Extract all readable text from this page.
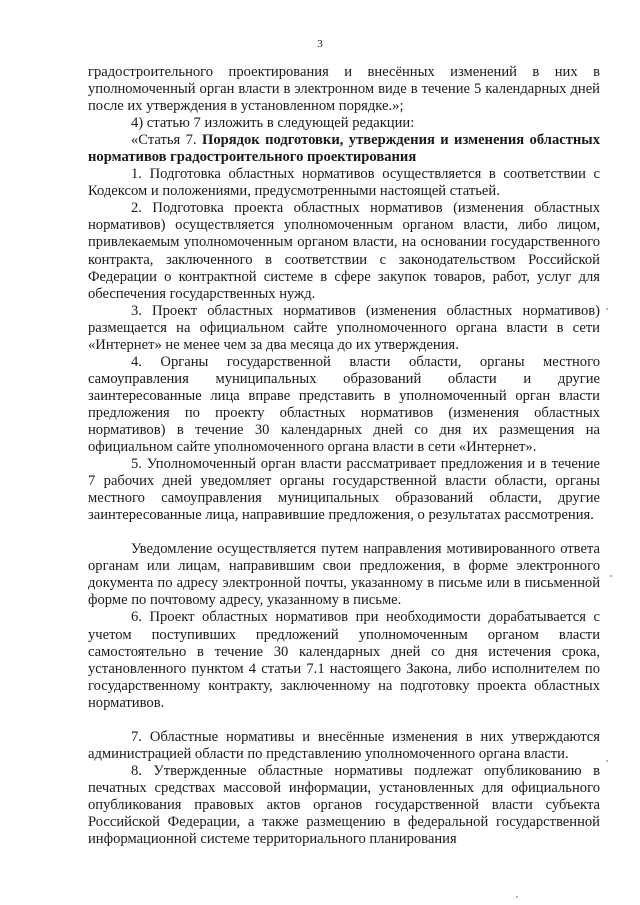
3

градостроительного проектирования и внесённых изменений в них в уполномоченный орган власти в электронном виде в течение 5 календарных дней после их утверждения в установленном порядке.»;

4) статью 7 изложить в следующей редакции:

«Статья 7. Порядок подготовки, утверждения и изменения областных нормативов градостроительного проектирования

1. Подготовка областных нормативов осуществляется в соответствии с Кодексом и положениями, предусмотренными настоящей статьей.

2. Подготовка проекта областных нормативов (изменения областных нормативов) осуществляется уполномоченным органом власти, либо лицом, привлекаемым уполномоченным органом власти, на основании государственного контракта, заключенного в соответствии с законодательством Российской Федерации о контрактной системе в сфере закупок товаров, работ, услуг для обеспечения государственных нужд.

3. Проект областных нормативов (изменения областных нормативов) размещается на официальном сайте уполномоченного органа власти в сети «Интернет» не менее чем за два месяца до их утверждения.

4. Органы государственной власти области, органы местного самоуправления муниципальных образований области и другие заинтересованные лица вправе представить в уполномоченный орган власти предложения по проекту областных нормативов (изменения областных нормативов) в течение 30 календарных дней со дня их размещения на официальном сайте уполномоченного органа власти в сети «Интернет».

5. Уполномоченный орган власти рассматривает предложения и в течение 7 рабочих дней уведомляет органы государственной власти области, органы местного самоуправления муниципальных образований области, другие заинтересованные лица, направившие предложения, о результатах рассмотрения.

Уведомление осуществляется путем направления мотивированного ответа органам или лицам, направившим свои предложения, в форме электронного документа по адресу электронной почты, указанному в письме или в письменной форме по почтовому адресу, указанному в письме.

6. Проект областных нормативов при необходимости дорабатывается с учетом поступивших предложений уполномоченным органом власти самостоятельно в течение 30 календарных дней со дня истечения срока, установленного пунктом 4 статьи 7.1 настоящего Закона, либо исполнителем по государственному контракту, заключенному на подготовку проекта областных нормативов.

7. Областные нормативы и внесённые изменения в них утверждаются администрацией области по представлению уполномоченного органа власти.

8. Утвержденные областные нормативы подлежат опубликованию в печатных средствах массовой информации, установленных для официального опубликования правовых актов органов государственной власти субъекта Российской Федерации, а также размещению в федеральной государственной информационной системе территориального планирования
